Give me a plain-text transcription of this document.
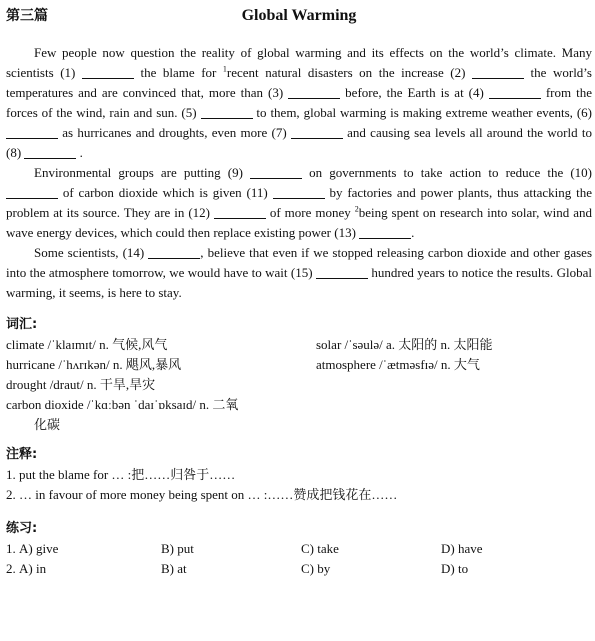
第三篇	Global Warming

Few people now question the reality of global warming and its effects on the world’s climate. Many scientists (1)	the blame for $^1$recent natural disasters on the increase (2)	the world’s temperatures and are convinced that, more than (3)	before, the Earth is at (4)	from the forces of the wind, rain and sun. (5)	to them, global warming is making extreme weather events, (6)  as hurricanes and droughts, even more (7)	and causing sea levels all around the world to (8)	.

Environmental groups are putting (9)	on governments to take action to reduce the (10)  of carbon dioxide which is given (11)	by factories and power plants, thus attacking the problem at its source. They are in (12)	of more money $^2$being spent on research into solar, wind and wave energy devices, which could then replace existing power (13)	.

Some scientists, (14)	, believe that even if we stopped releasing carbon dioxide and other gases into the atmosphere tomorrow, we would have to wait (15)	hundred years to notice the results. Global warming, it seems, is here to stay.

词汇:
climate /ˈklaɪmɪt/ n. 气候,风气
hurricane /ˈhʌrɪkən/ n. 飓风,暴风
drought /draut/ n. 干旱,旱灾
carbon dioxide /ˈkɑːbən ˈdaɪˈɒksaɪd/ n. 二氧
化碳
solar /ˈsəulə/ a. 太阳的 n. 太阳能
atmosphere /ˈætməsfɪə/ n. 大气
注释:
1. put the blame for … :把……归咎于……
2. … in favour of more money being spent on … :……赞成把钱花在……
练习:
1. A) give	B) put	C) take	D) have
2. A) in	B) at	C) by	D) to
